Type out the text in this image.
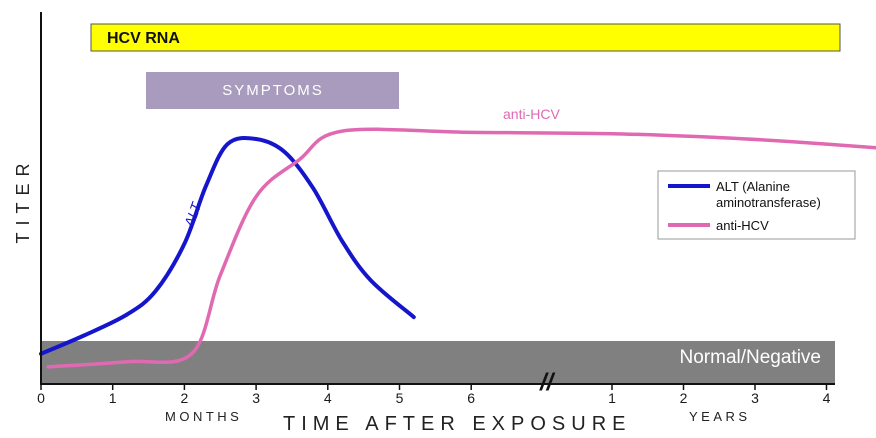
Normal/Negative
HCV RNA
SYMPTOMS
ALT
anti-HCV
//
0	1	2	3	4	5	6	1	2	3	4
TITER
MONTHS TIME AFTER EXPOSURE	YEARS
ALT (Alanine
aminotransferase)
anti-HCV
